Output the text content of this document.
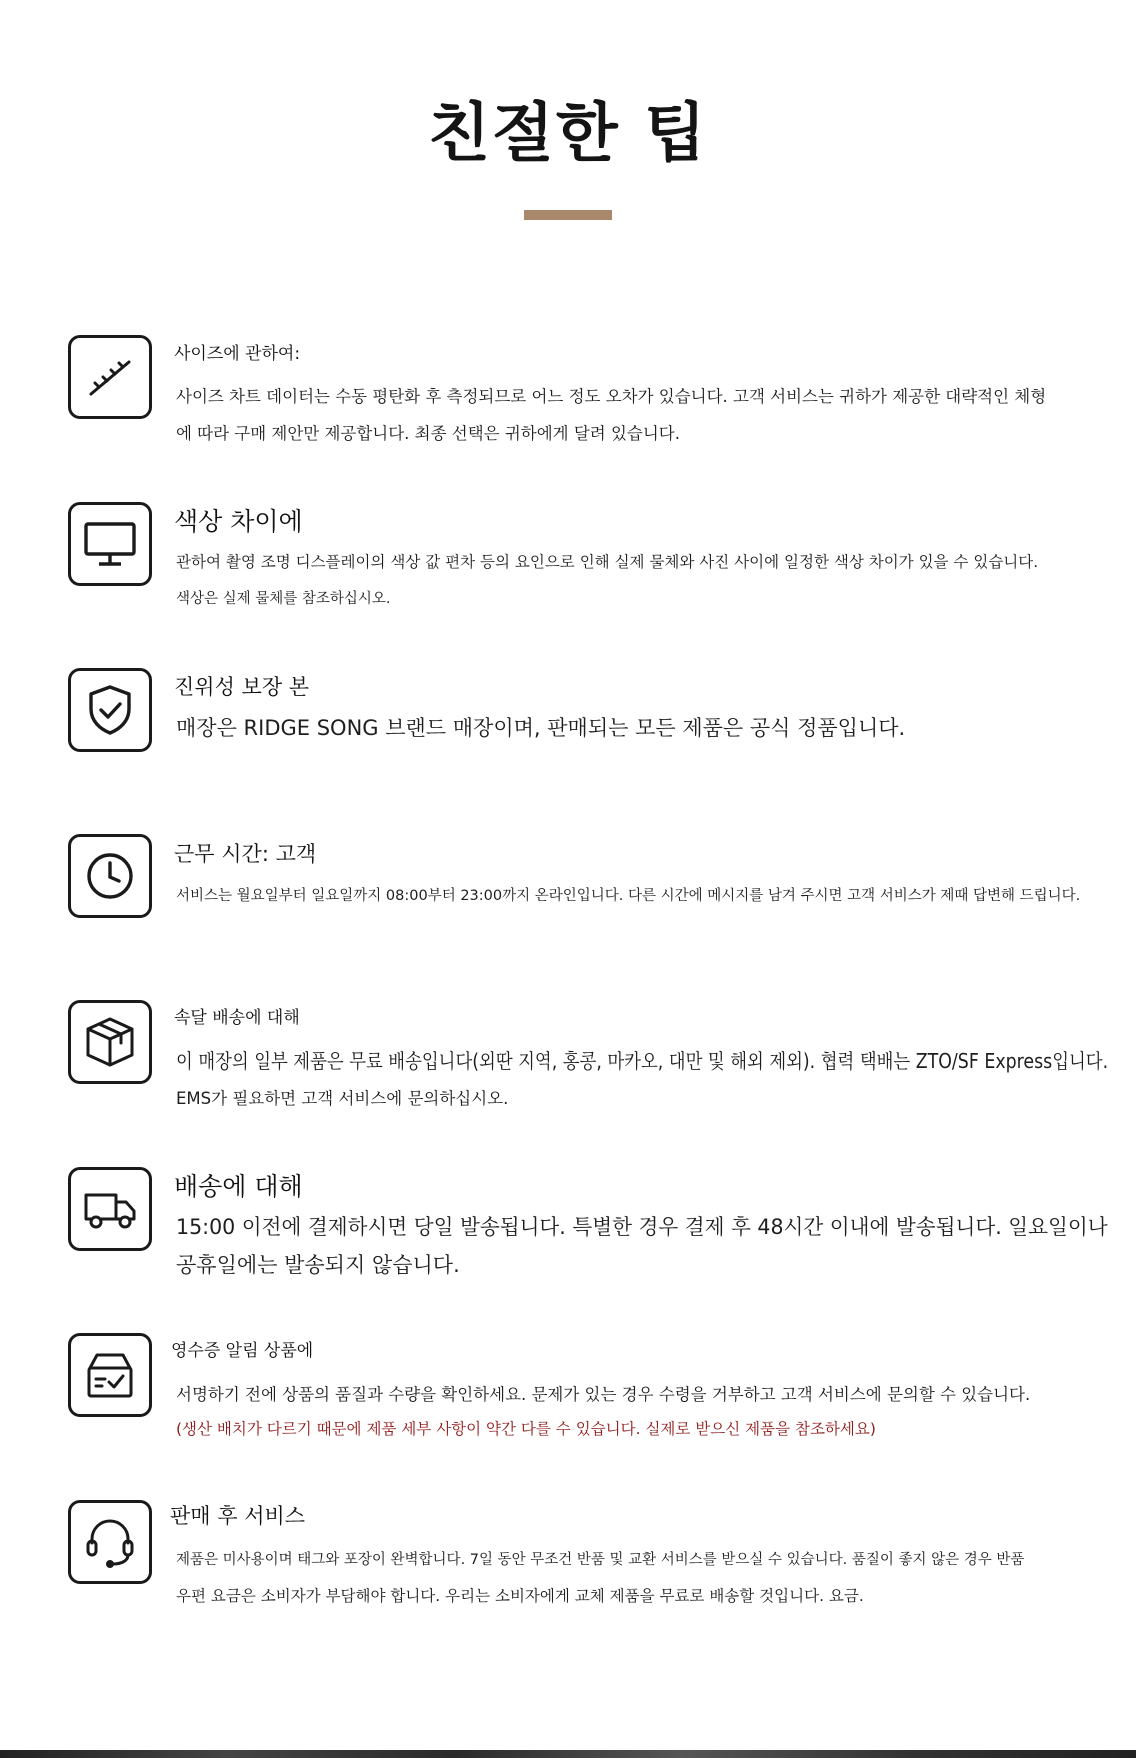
친절한 팁
사이즈에 관하여:
사이즈 차트 데이터는 수동 평탄화 후 측정되므로 어느 정도 오차가 있습니다. 고객 서비스는 귀하가 제공한 대략적인 체형
에 따라 구매 제안만 제공합니다. 최종 선택은 귀하에게 달려 있습니다.
색상 차이에
관하여 촬영 조명 디스플레이의 색상 값 편차 등의 요인으로 인해 실제 물체와 사진 사이에 일정한 색상 차이가 있을 수 있습니다.
색상은 실제 물체를 참조하십시오.
진위성 보장 본
매장은 RIDGE SONG 브랜드 매장이며, 판매되는 모든 제품은 공식 정품입니다.
근무 시간: 고객
서비스는 월요일부터 일요일까지 08:00부터 23:00까지 온라인입니다. 다른 시간에 메시지를 남겨 주시면 고객 서비스가 제때 답변해 드립니다.
속달 배송에 대해
이 매장의 일부 제품은 무료 배송입니다(외딴 지역, 홍콩, 마카오, 대만 및 해외 제외). 협력 택배는 ZTO/SF Express입니다.
EMS가 필요하면 고객 서비스에 문의하십시오.
배송에 대해
15:00 이전에 결제하시면 당일 발송됩니다. 특별한 경우 결제 후 48시간 이내에 발송됩니다. 일요일이나
공휴일에는 발송되지 않습니다.
영수증 알림 상품에
서명하기 전에 상품의 품질과 수량을 확인하세요. 문제가 있는 경우 수령을 거부하고 고객 서비스에 문의할 수 있습니다.
(생산 배치가 다르기 때문에 제품 세부 사항이 약간 다를 수 있습니다. 실제로 받으신 제품을 참조하세요)
판매 후 서비스
제품은 미사용이며 태그와 포장이 완벽합니다. 7일 동안 무조건 반품 및 교환 서비스를 받으실 수 있습니다. 품질이 좋지 않은 경우 반품
우편 요금은 소비자가 부담해야 합니다. 우리는 소비자에게 교체 제품을 무료로 배송할 것입니다. 요금.
